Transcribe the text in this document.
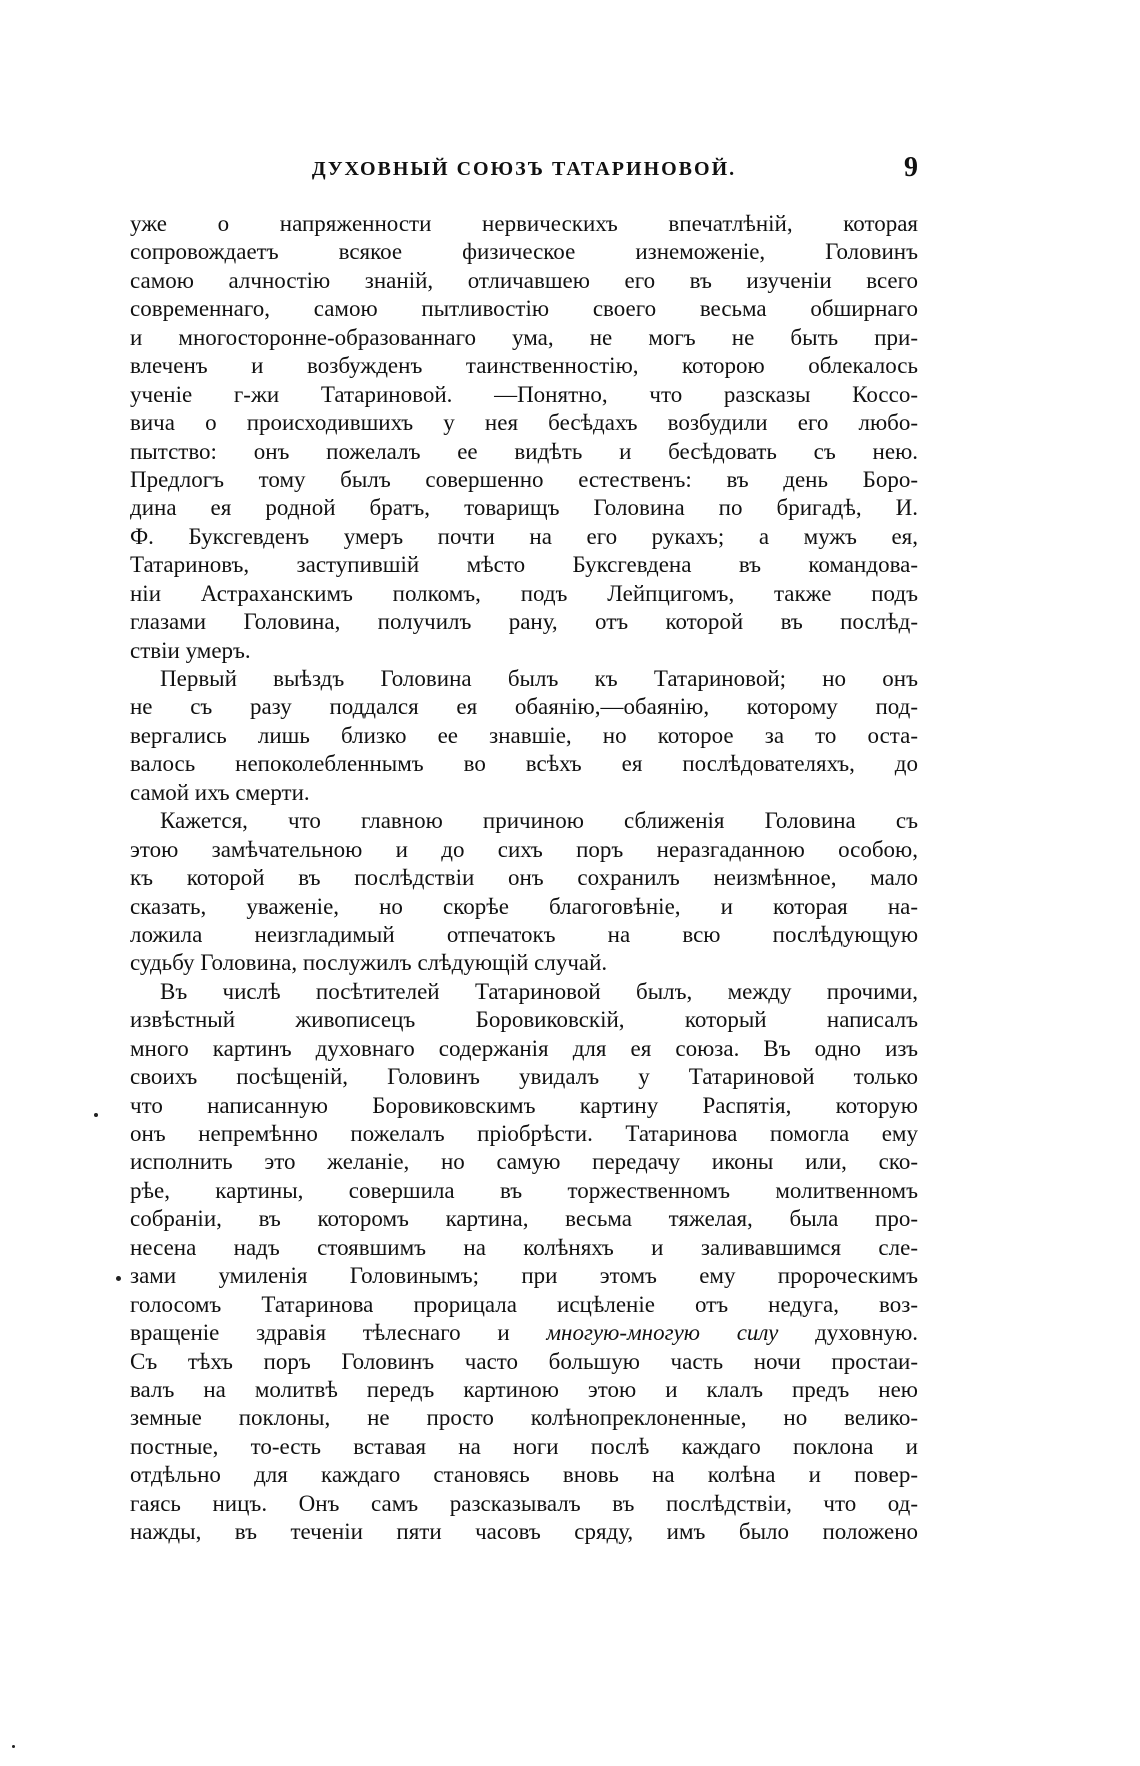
ДУХОВНЫЙ СОЮЗЪ ТАТАРИНОВОЙ.	9
уже о напряженности нервическихъ впечатлѣній, которая
сопровождаетъ всякое физическое изнеможеніе, Головинъ
самою алчностію знаній, отличавшею его въ изученіи всего
современнаго, самою пытливостію своего весьма обширнаго
и многосторонне-образованнаго ума, не могъ не быть при-
влеченъ и возбужденъ таинственностію, которою облекалось
ученіе г-жи Татариновой. —Понятно, что разсказы Коссо-
вича о происходившихъ у нея бесѣдахъ возбудили его любо-
пытство: онъ пожелалъ ее видѣть и бесѣдовать съ нею.
Предлогъ тому былъ совершенно естественъ: въ день Боро-
дина ея родной братъ, товарищъ Головина по бригадѣ, И.
Ф. Буксгевденъ умеръ почти на его рукахъ; а мужъ ея,
Татариновъ, заступившій мѣсто Буксгевдена въ командова-
ніи Астраханскимъ полкомъ, подъ Лейпцигомъ, также подъ
глазами Головина, получилъ рану, отъ которой въ послѣд-
ствіи умеръ.
Первый выѣздъ Головина былъ къ Татариновой; но онъ
не съ разу поддался ея обаянію,—обаянію, которому под-
вергались лишь близко ее знавшіе, но которое за то оста-
валось непоколебленнымъ во всѣхъ ея послѣдователяхъ, до
самой ихъ смерти.
Кажется, что главною причиною сближенія Головина съ
этою замѣчательною и до сихъ поръ неразгаданною особою,
къ которой въ послѣдствіи онъ сохранилъ неизмѣнное, мало
сказать, уваженіе, но скорѣе благоговѣніе, и которая на-
ложила неизгладимый отпечатокъ на всю послѣдующую
судьбу Головина, послужилъ слѣдующій случай.
Въ числѣ посѣтителей Татариновой былъ, между прочими,
извѣстный живописецъ Боровиковскій, который написалъ
много картинъ духовнаго содержанія для ея союза. Въ одно изъ
своихъ посѣщеній, Головинъ увидалъ у Татариновой только
что написанную Боровиковскимъ картину Распятія, которую
онъ непремѣнно пожелалъ пріобрѣсти. Татаринова помогла ему
исполнить это желаніе, но самую передачу иконы или, ско-
рѣе, картины, совершила въ торжественномъ молитвенномъ
собраніи, въ которомъ картина, весьма тяжелая, была про-
несена надъ стоявшимъ на колѣняхъ и заливавшимся сле-
зами умиленія Головинымъ; при этомъ ему пророческимъ
голосомъ Татаринова прорицала исцѣленіе отъ недуга, воз-
вращеніе здравія тѣлеснаго и многую-многую силу духовную.
Съ тѣхъ поръ Головинъ часто большую часть ночи простаи-
валъ на молитвѣ передъ картиною этою и клалъ предъ нею
земные поклоны, не просто колѣнопреклоненные, но велико-
постные, то-есть вставая на ноги послѣ каждаго поклона и
отдѣльно для каждаго становясь вновь на колѣна и повер-
гаясь ницъ. Онъ самъ разсказывалъ въ послѣдствіи, что од-
нажды, въ теченіи пяти часовъ сряду, имъ было положено
